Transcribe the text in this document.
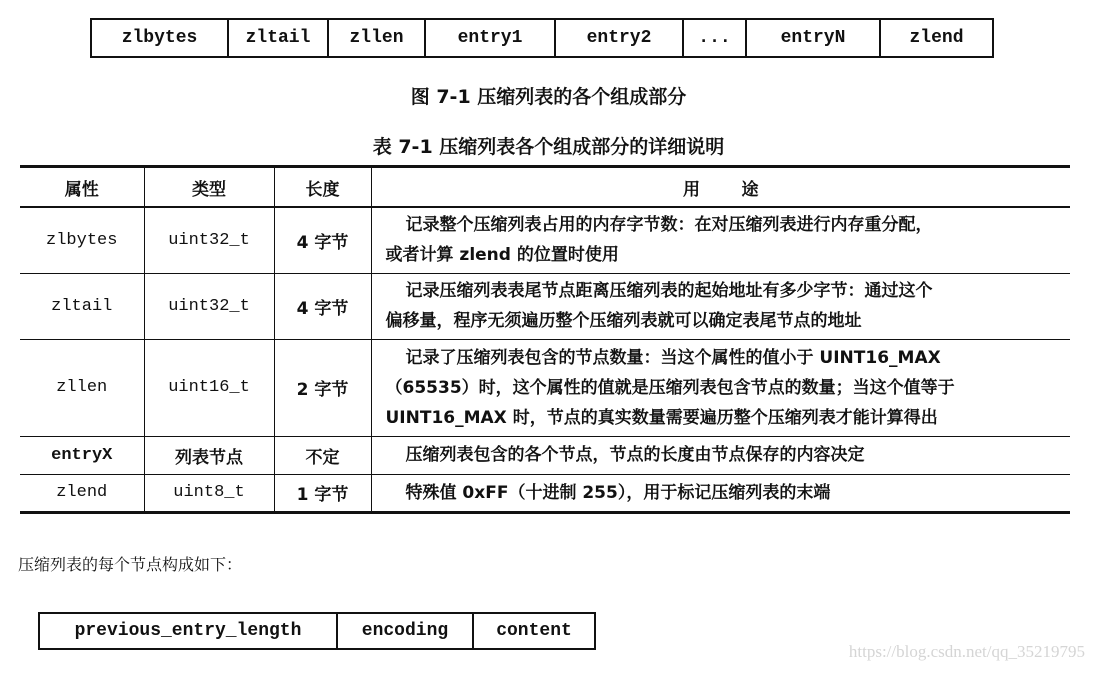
zlbytes	zltail	zllen	entry1	entry2	...	entryN	zlend
图 7-1 压缩列表的各个组成部分
表 7-1 压缩列表各个组成部分的详细说明
属性	类型	长度	用       途
zlbytes	uint32_t	4 字节	记录整个压缩列表占用的内存字节数：在对压缩列表进行内存重分配，
或者计算 zlend 的位置时使用

zltail	uint32_t	4 字节	记录压缩列表表尾节点距离压缩列表的起始地址有多少字节：通过这个
偏移量，程序无须遍历整个压缩列表就可以确定表尾节点的地址

zllen	uint16_t	2 字节	记录了压缩列表包含的节点数量：当这个属性的值小于 UINT16_MAX
（65535）时，这个属性的值就是压缩列表包含节点的数量；当这个值等于
UINT16_MAX 时，节点的真实数量需要遍历整个压缩列表才能计算得出

entryX	列表节点	不定	压缩列表包含的各个节点，节点的长度由节点保存的内容决定

zlend	uint8_t	1 字节	特殊值 0xFF（十进制 255），用于标记压缩列表的末端
压缩列表的每个节点构成如下：
previous_entry_length	encoding	content
https://blog.csdn.net/qq_35219795
